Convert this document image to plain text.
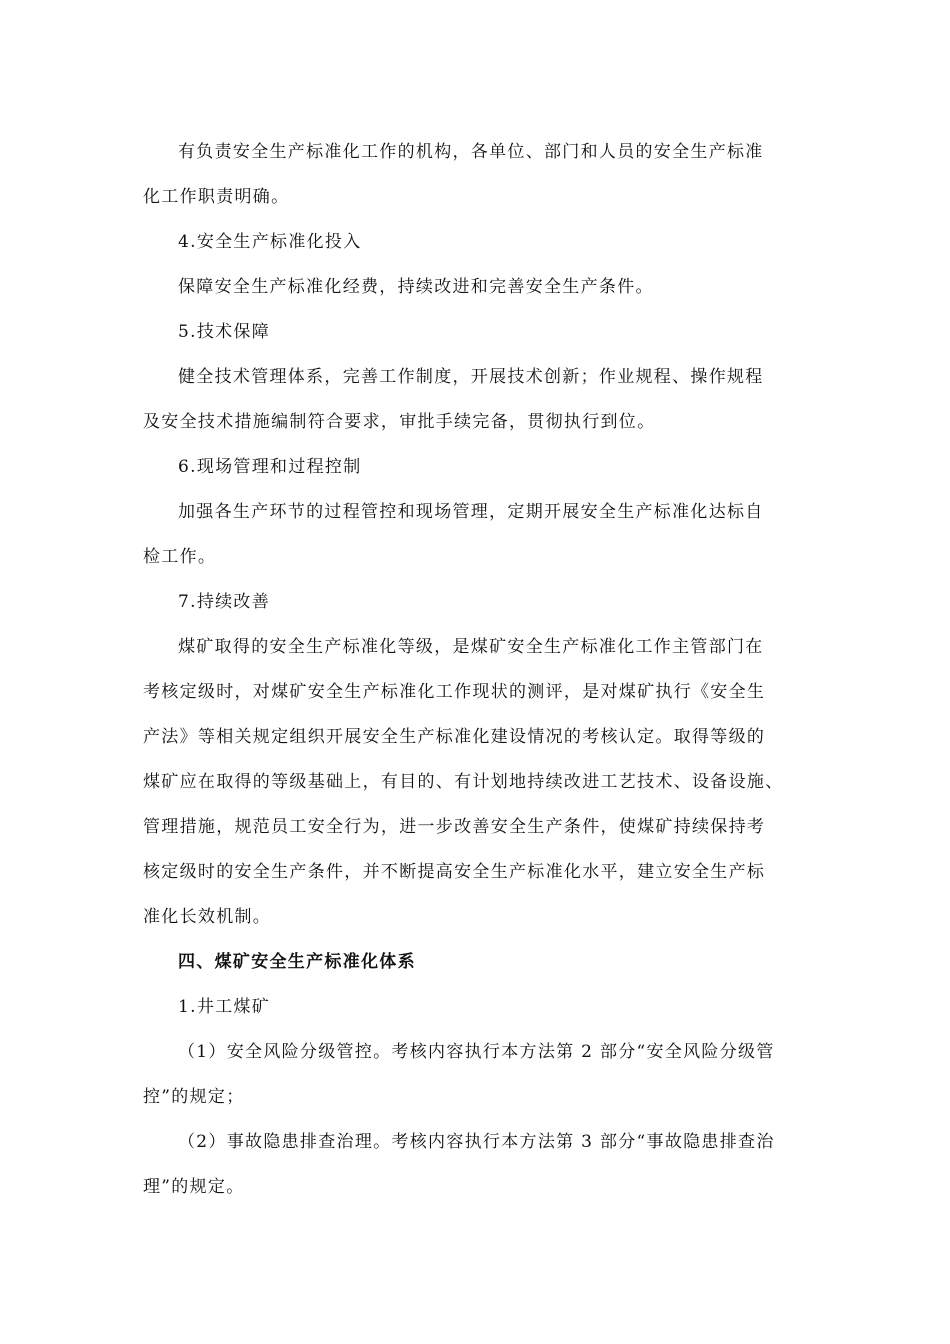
有负责安全生产标准化工作的机构，各单位、部门和人员的安全生产标准
化工作职责明确。
4.安全生产标准化投入
保障安全生产标准化经费，持续改进和完善安全生产条件。
5.技术保障
健全技术管理体系，完善工作制度，开展技术创新；作业规程、操作规程
及安全技术措施编制符合要求，审批手续完备，贯彻执行到位。
6.现场管理和过程控制
加强各生产环节的过程管控和现场管理，定期开展安全生产标准化达标自
检工作。
7.持续改善
煤矿取得的安全生产标准化等级，是煤矿安全生产标准化工作主管部门在
考核定级时，对煤矿安全生产标准化工作现状的测评，是对煤矿执行《安全生
产法》等相关规定组织开展安全生产标准化建设情况的考核认定。取得等级的
煤矿应在取得的等级基础上，有目的、有计划地持续改进工艺技术、设备设施、
管理措施，规范员工安全行为，进一步改善安全生产条件，使煤矿持续保持考
核定级时的安全生产条件，并不断提高安全生产标准化水平，建立安全生产标
准化长效机制。
四、煤矿安全生产标准化体系
1.井工煤矿
（1）安全风险分级管控。考核内容执行本方法第 2 部分“安全风险分级管
控”的规定；
（2）事故隐患排查治理。考核内容执行本方法第 3 部分“事故隐患排查治
理”的规定。
